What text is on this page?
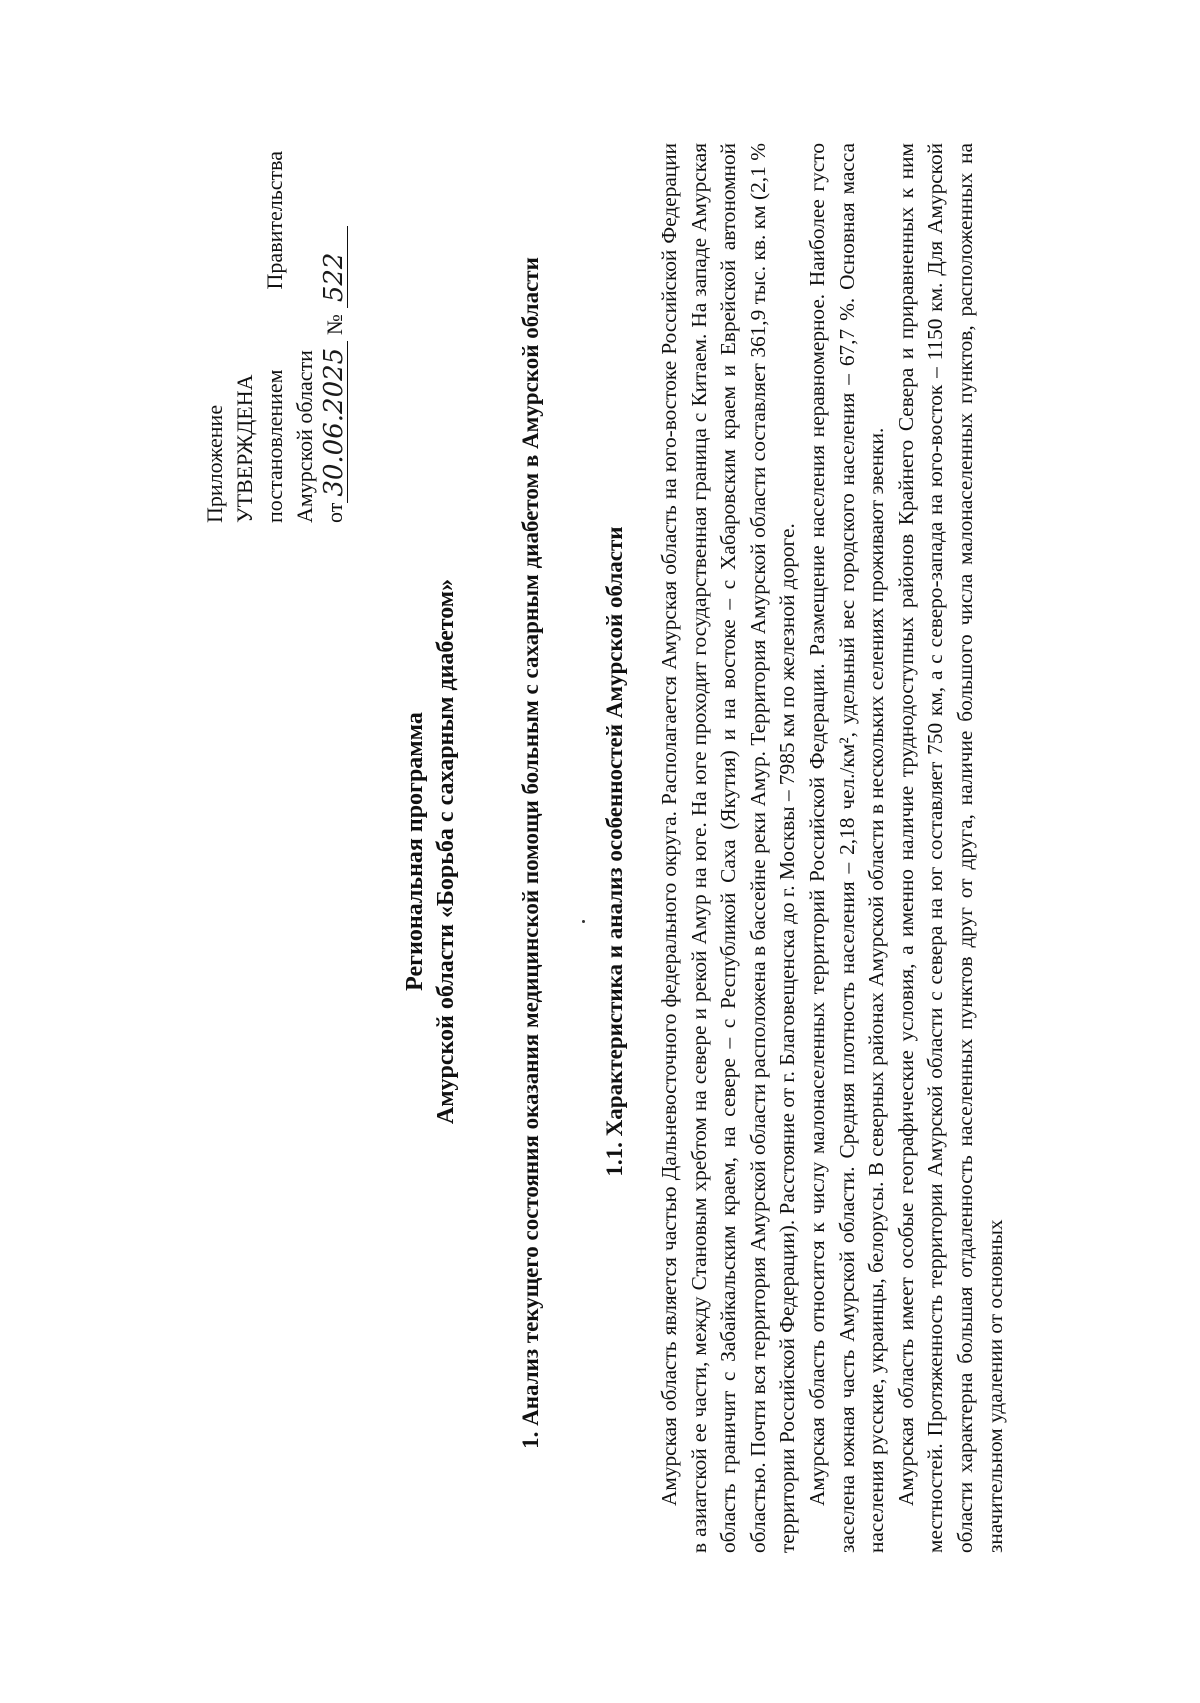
Приложение УТВЕРЖДЕНА постановлением
Правительства
Амурской области от30.06.2025 №522
Региональная программа Амурской области «Борьба с сахарным диабетом»	1. Анализ текущего состояния оказания медицинской помощи больным с сахарным диабетом в Амурской области	1.1. Характеристика и анализ особенностей Амурской области Амурская область является частью Дальневосточного федерального округа. Располагается Амурская область на юго-востоке Российской Федерации в азиатской ее части, между Становым хребтом на севере и рекой Амур на юге. На юге проходит государственная граница с Китаем. На западе Амурская область граничит с Забайкальским краем, на севере – с Республикой Саха (Якутия) и на востоке – с Хабаровским краем и Еврейской автономной областью. Почти вся территория Амурской области расположена в бассейне реки Амур. Территория Амурской области составляет 361,9 тыс. кв. км (2,1 % территории Российской Федерации). Расстояние от г. Благовещенска до г. Москвы – 7985 км по железной дороге. Амурская область относится к числу малонаселенных территорий Российской Федерации. Размещение населения неравномерное. Наиболее густо заселена южная часть Амурской области. Средняя плотность населения – 2,18 чел./км², удельный вес городского населения – 67,7 %. Основная масса населения русские, украинцы, белорусы. В северных районах Амурской области в нескольких селениях проживают эвенки. Амурская область имеет особые географические условия, а именно наличие труднодоступных районов Крайнего Севера и приравненных к ним местностей. Протяженность территории Амурской области с севера на юг составляет 750 км, а с северо-запада на юго-восток – 1150 км. Для Амурской области характерна большая отдаленность населенных пунктов друг от друга, наличие большого числа малонаселенных пунктов, расположенных на значительном удалении от основных
